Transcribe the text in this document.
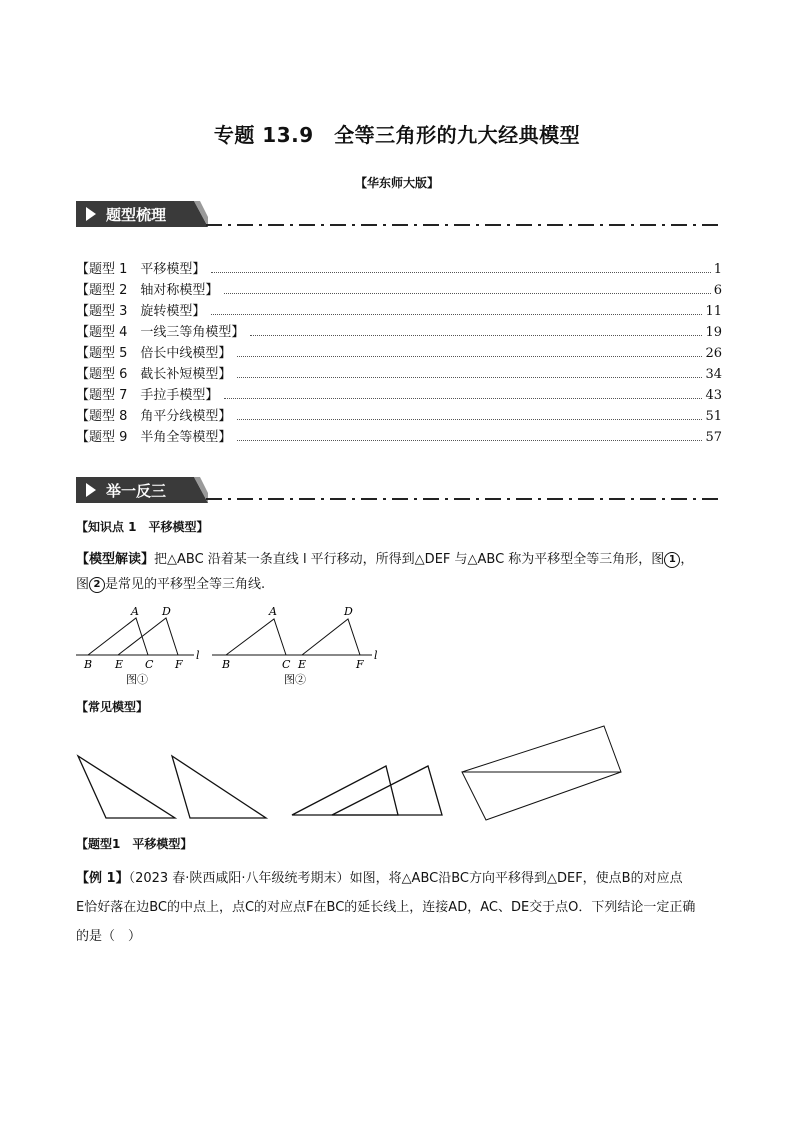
专题 13.9　全等三角形的九大经典模型
【华东师大版】
题型梳理
【题型 1　平移模型】	1
【题型 2　轴对称模型】	6
【题型 3　旋转模型】	11
【题型 4　一线三等角模型】	19
【题型 5　倍长中线模型】	26
【题型 6　截长补短模型】	34
【题型 7　手拉手模型】	43
【题型 8　角平分线模型】	51
【题型 9　半角全等模型】	57
举一反三
【知识点 1　平移模型】
【模型解读】把△ABC 沿着某一条直线 l 平行移动，所得到△DEF 与△ABC 称为平移型全等三角形，图 1 ，
图 2 是常见的平移型全等三角线.
A D
B E C F
l
图①
A	D
B	C E	F
l
图②
【常见模型】
【题型1　平移模型】
【例 1】（2023 春·陕西咸阳·八年级统考期末）如图，将△ABC沿BC方向平移得到△DEF，使点B的对应点
E恰好落在边BC的中点上，点C的对应点F在BC的延长线上，连接AD，AC、DE交于点O．下列结论一定正确
的是（　）
